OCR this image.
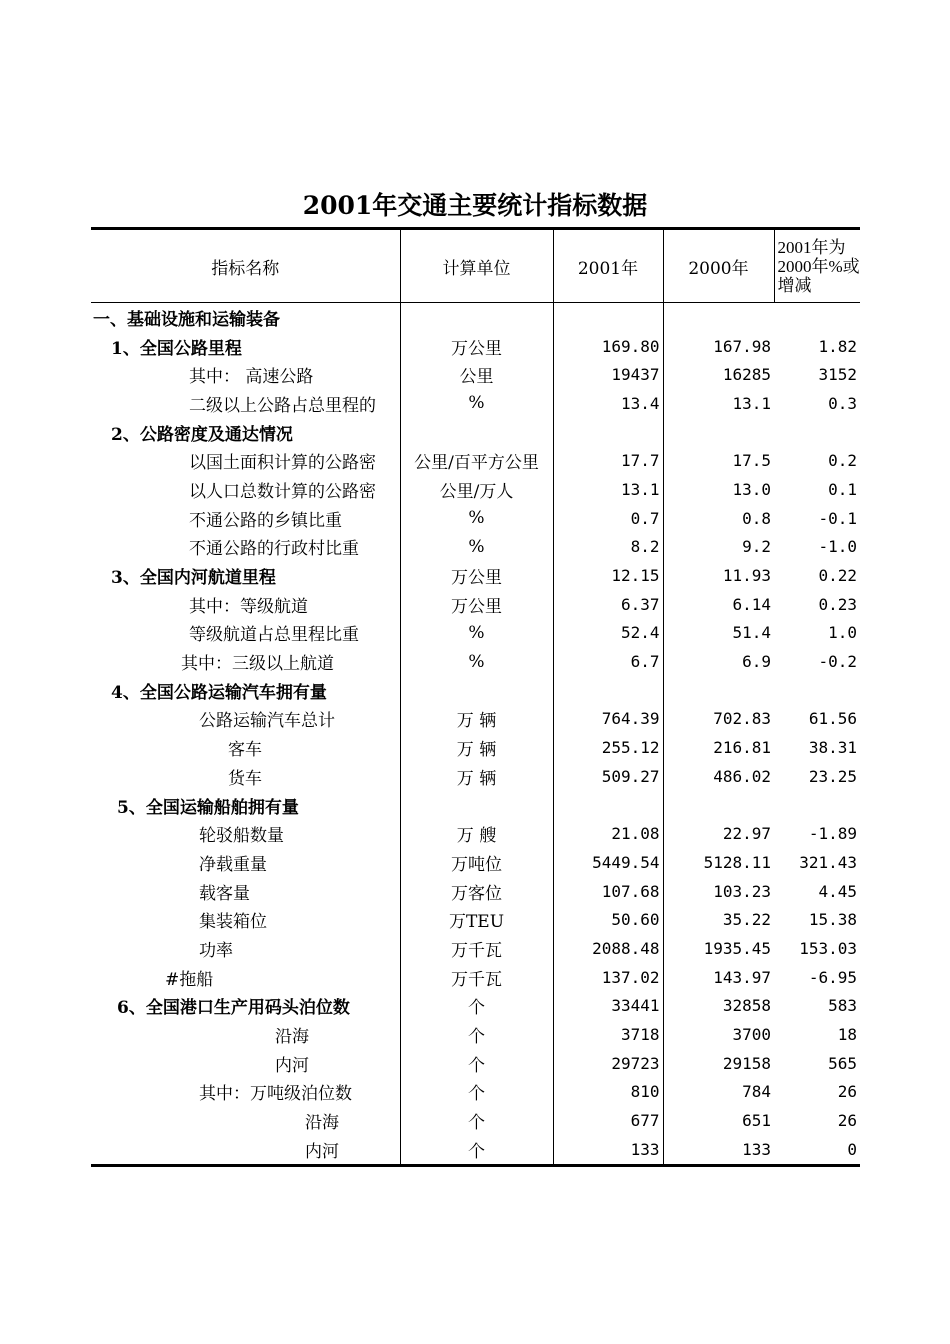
2001年交通主要统计指标数据
指标名称	计算单位	2001年	2000年	2001年为2000年%或增减
一、基础设施和运输装备				
1、全国公路里程	万公里	169.80	167.98	1.82
其中： 高速公路	公里	19437	16285	3152
二级以上公路占总里程的	%	13.4	13.1	0.3
2、公路密度及通达情况				
以国土面积计算的公路密	公里/百平方公里	17.7	17.5	0.2
以人口总数计算的公路密	公里/万人	13.1	13.0	0.1
不通公路的乡镇比重	%	0.7	0.8	-0.1
不通公路的行政村比重	%	8.2	9.2	-1.0
3、全国内河航道里程	万公里	12.15	11.93	0.22
其中：等级航道	万公里	6.37	6.14	0.23
等级航道占总里程比重	%	52.4	51.4	1.0
其中：三级以上航道	%	6.7	6.9	-0.2
4、全国公路运输汽车拥有量				
公路运输汽车总计	万 辆	764.39	702.83	61.56
客车	万 辆	255.12	216.81	38.31
货车	万 辆	509.27	486.02	23.25
5、全国运输船舶拥有量				
轮驳船数量	万 艘	21.08	22.97	-1.89
净载重量	万吨位	5449.54	5128.11	321.43
载客量	万客位	107.68	103.23	4.45
集装箱位	万TEU	50.60	35.22	15.38
功率	万千瓦	2088.48	1935.45	153.03
#拖船	万千瓦	137.02	143.97	-6.95
6、全国港口生产用码头泊位数	个	33441	32858	583
沿海	个	3718	3700	18
内河	个	29723	29158	565
其中：万吨级泊位数	个	810	784	26
沿海	个	677	651	26
内河	个	133	133	0
